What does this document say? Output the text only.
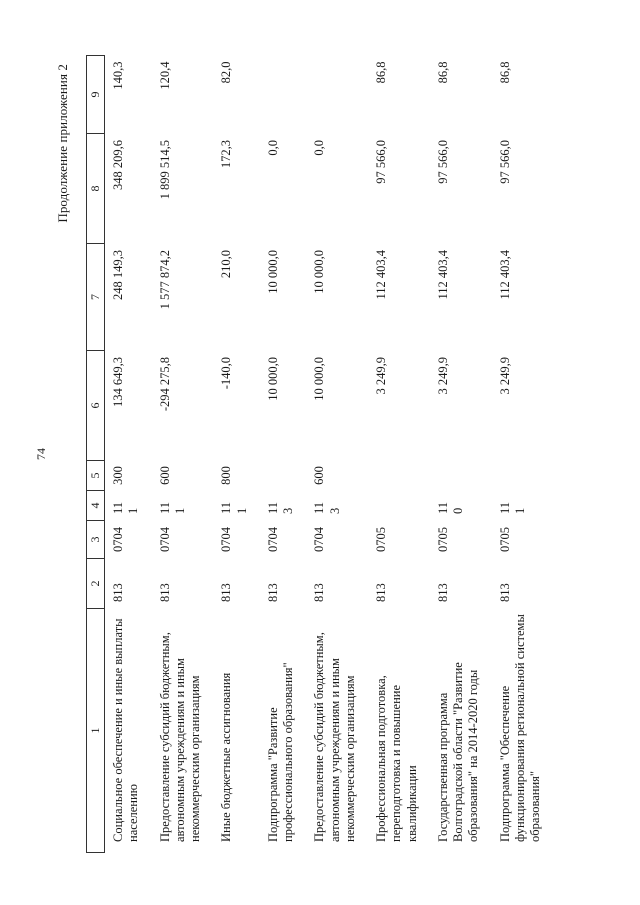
74
Продолжение приложения 2
1	2	3	4	5	6	7	8	9
Социальное обеспечение и иные выплаты населению	813	0704	11 1	300	134 649,3	248 149,3	348 209,6	140,3
Предоставление субсидий бюджетным, автономным учреждениям и иным некоммерческим организациям	813	0704	11 1	600	-294 275,8	1 577 874,2	1 899 514,5	120,4
Иные бюджетные ассигнования	813	0704	11 1	800	-140,0	210,0	172,3	82,0
Подпрограмма "Развитие профессионального образования"	813	0704	11 3		10 000,0	10 000,0	0,0	
Предоставление субсидий бюджетным, автономным учреждениям и иным некоммерческим организациям	813	0704	11 3	600	10 000,0	10 000,0	0,0	
Профессиональная подготовка, переподготовка и повышение квалификации	813	0705			3 249,9	112 403,4	97 566,0	86,8
Государственная программа Волгоградской области "Развитие образования" на 2014-2020 годы	813	0705	11 0		3 249,9	112 403,4	97 566,0	86,8
Подпрограмма "Обеспечение функционирования региональной системы образования"	813	0705	11 1		3 249,9	112 403,4	97 566,0	86,8
